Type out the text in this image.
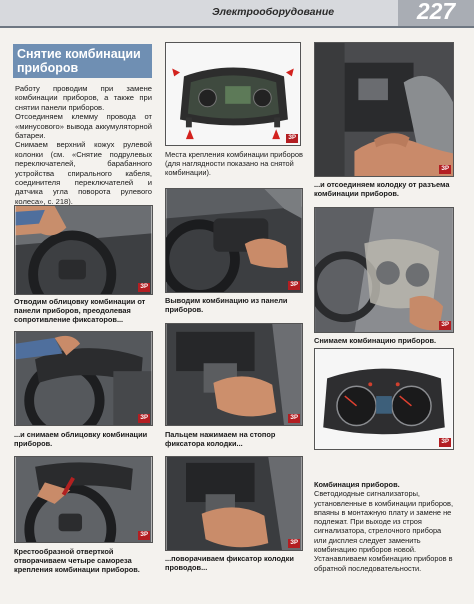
Электрооборудование	227
Снятие комбинации приборов

Работу проводим при замене комбинации приборов, а также при снятии панели приборов.

Отсоединяем клемму провода от «минусового» вывода аккумуляторной батареи.

Снимаем верхний кожух рулевой колонки (см. «Снятие подрулевых переключателей, барабанного устройства спирального кабеля, соединителя переключателей и датчика угла поворота рулевого колеса», с. 218).

ЗР
Места крепления комбинации приборов (для наглядности показано на снятой комбинации).	ЗР
...и отсоединяем колодку от разъема комбинации приборов.
ЗР
Отводим облицовку комбинации от панели приборов, преодолевая сопротивление фиксаторов...
ЗР
Выводим комбинацию из панели приборов.
ЗР
Снимаем комбинацию приборов.
ЗР
...и снимаем облицовку комбинации приборов.
ЗР
Пальцем нажимаем на стопор фиксатора колодки...	ЗР
ЗР
Крестообразной отверткой отворачиваем четыре самореза крепления комбинации приборов.
ЗР
...поворачиваем фиксатор колодки проводов...

Комбинация приборов.

Светодиодные сигнализаторы, установленные в комбинации приборов, впаяны в монтажную плату и замене не подлежат. При выходе из строя сигнализатора, стрелочного прибора или дисплея следует заменить комбинацию приборов новой.

Устанавливаем комбинацию приборов в обратной последовательности.
